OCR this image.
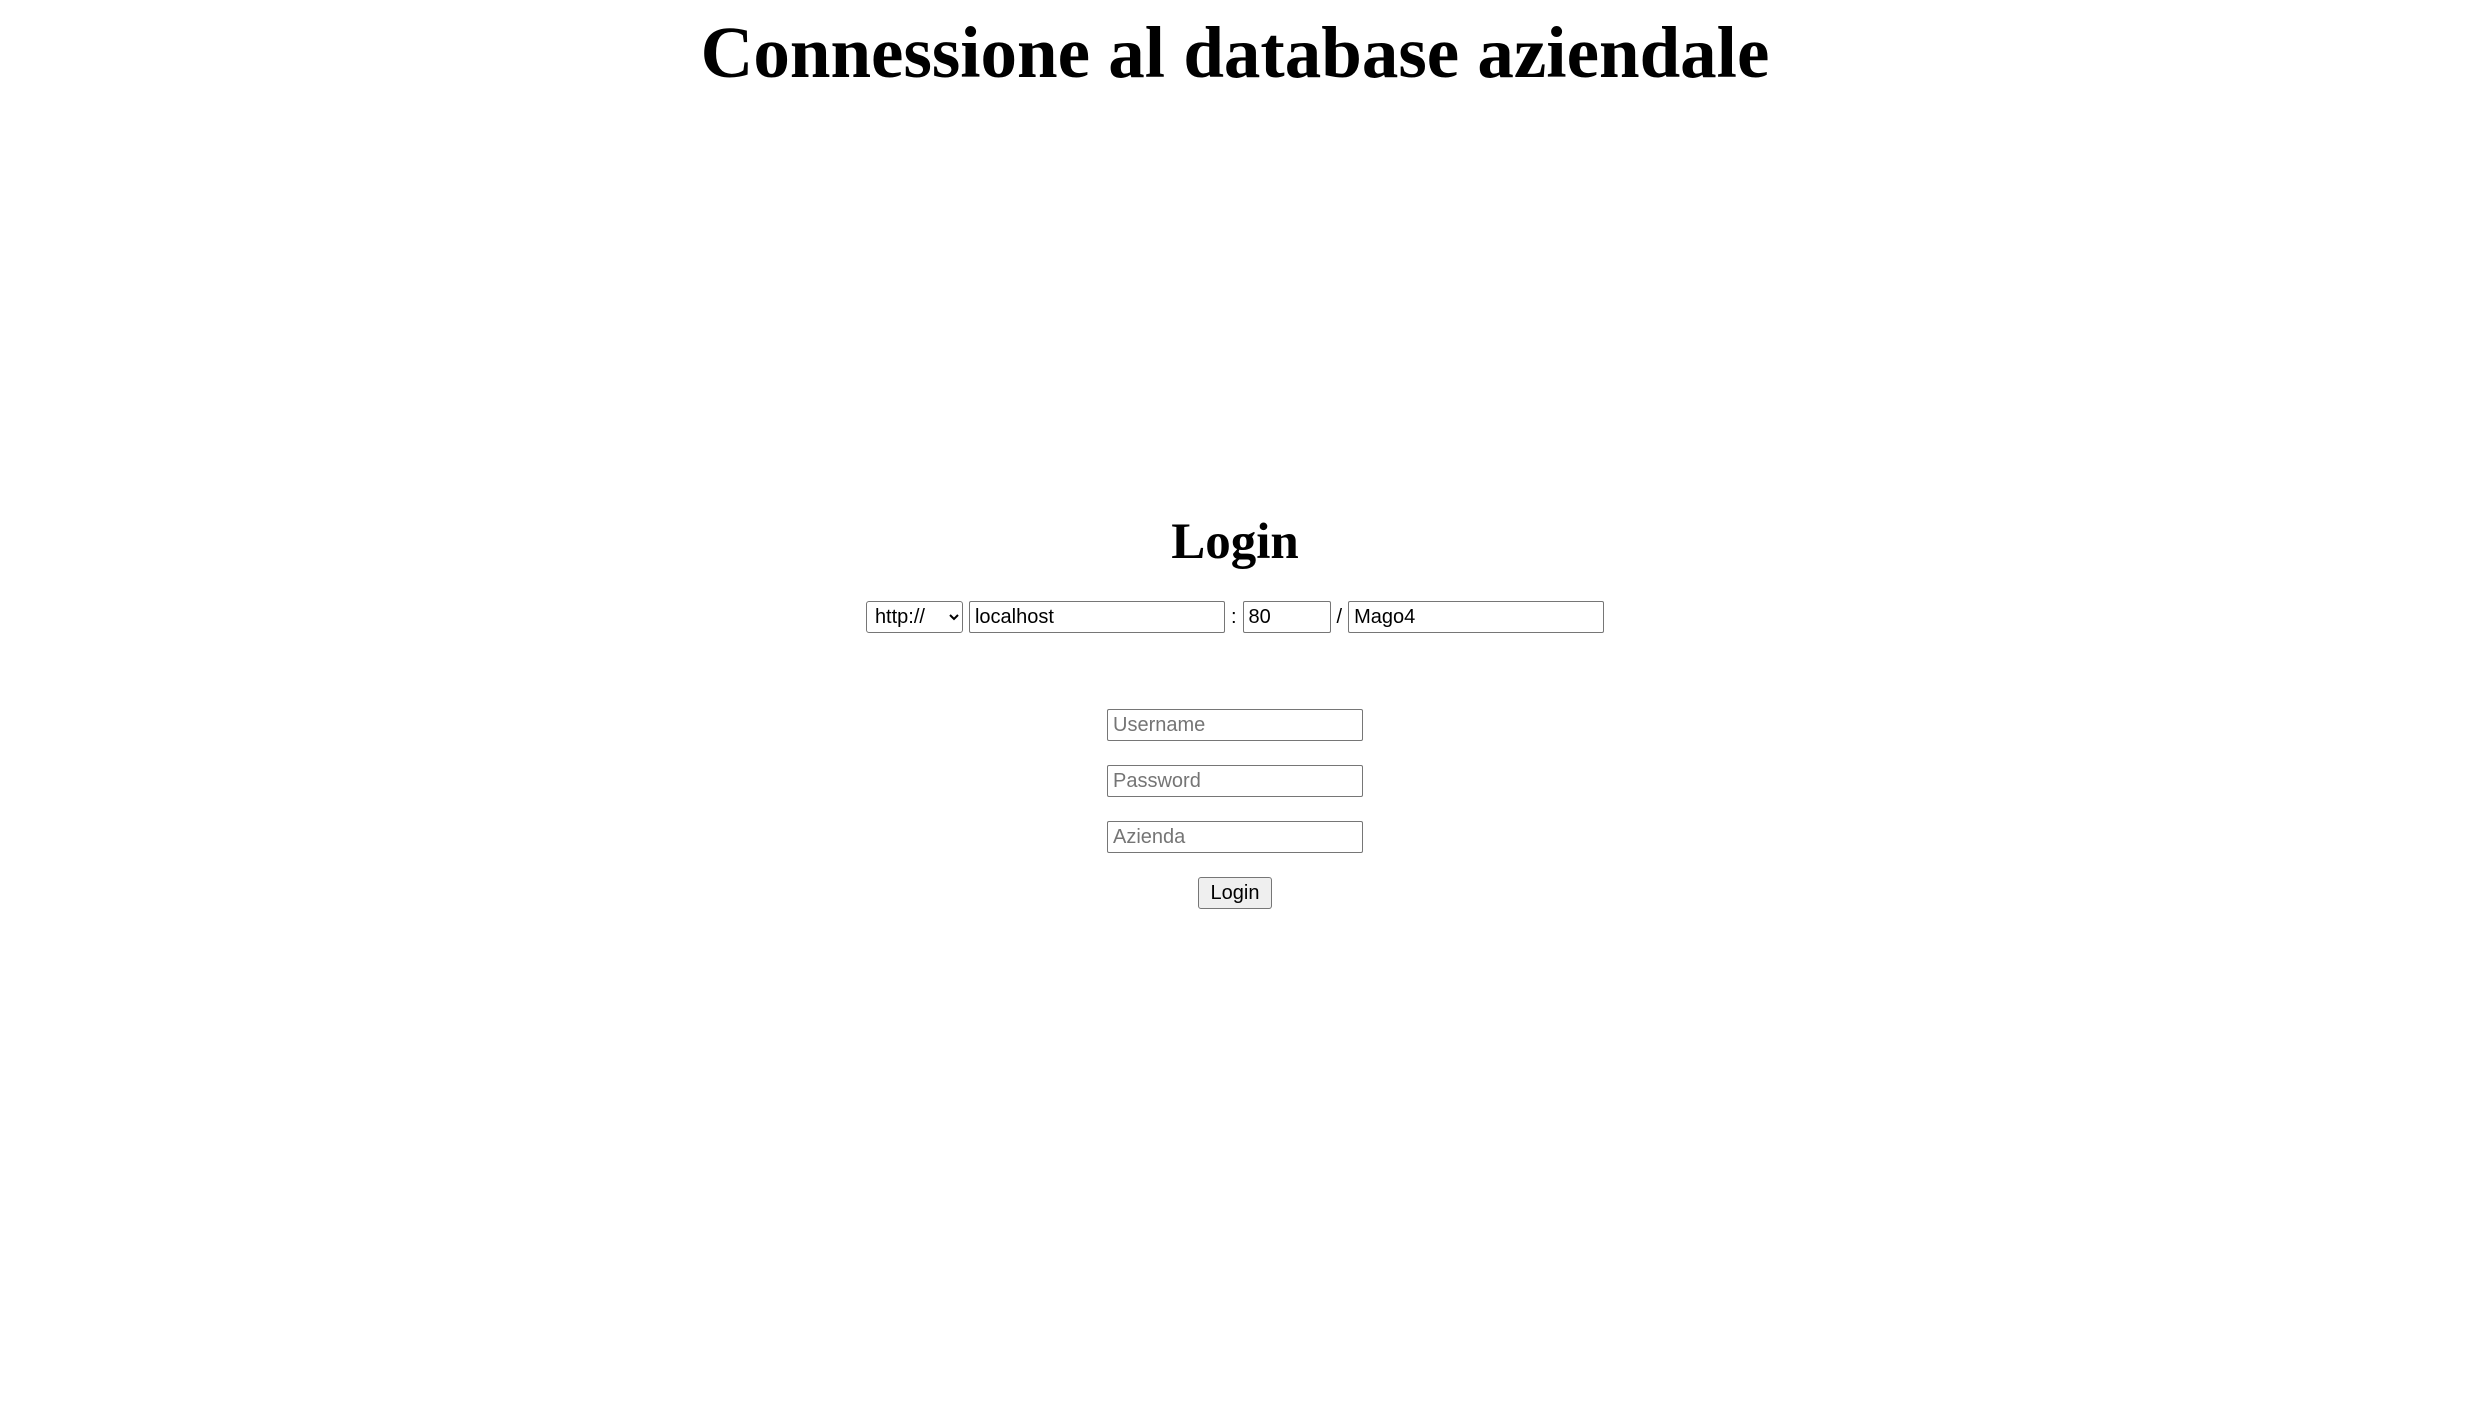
Connessione al database aziendale
Login
http://
localhost
:
80	/
Mago4
Username
Azienda
Login
